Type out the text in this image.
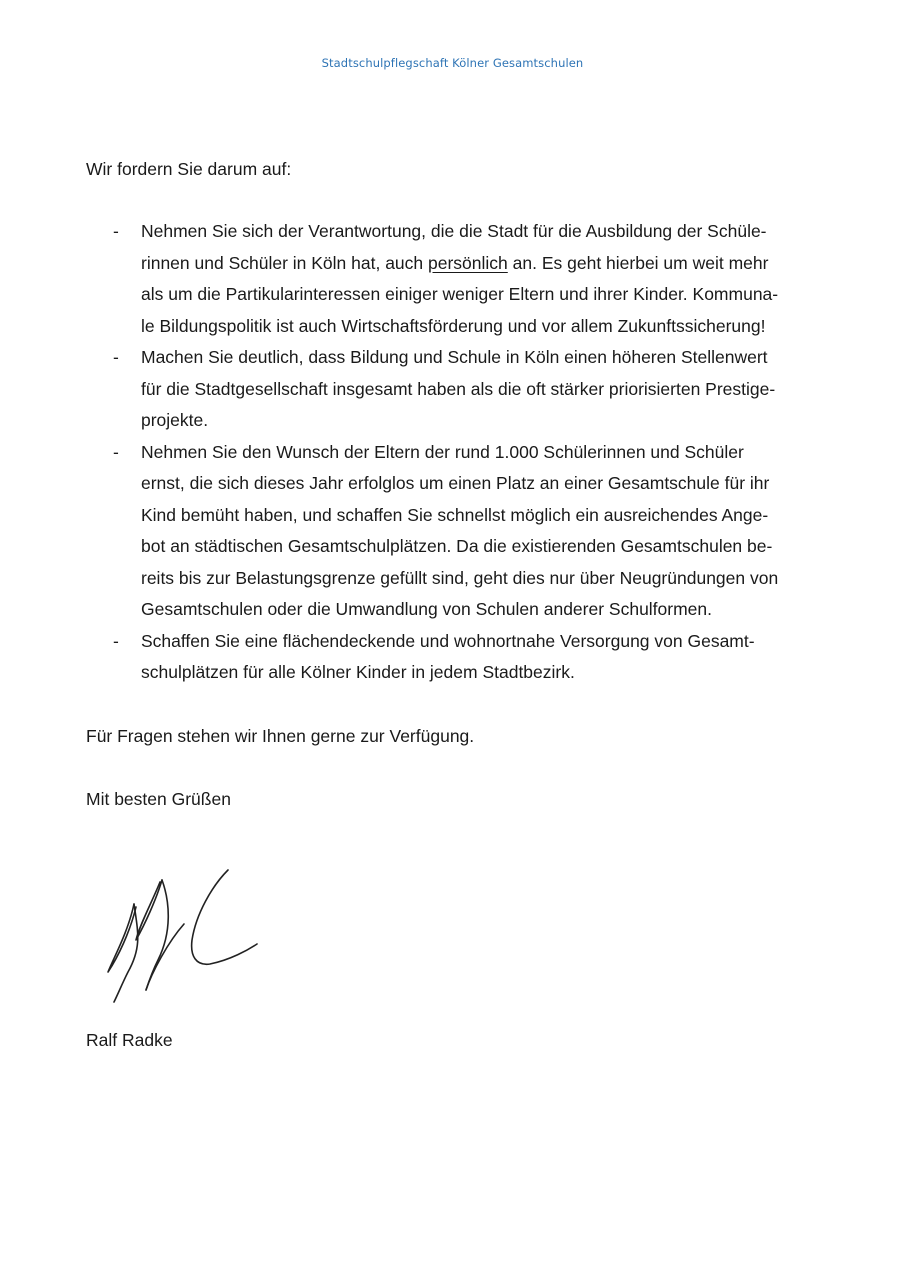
Stadtschulpflegschaft Kölner Gesamtschulen

Wir fordern Sie darum auf:

- Nehmen Sie sich der Verantwortung, die die Stadt für die Ausbildung der Schüle-
rinnen und Schüler in Köln hat, auch persönlich an. Es geht hierbei um weit mehr
als um die Partikularinteressen einiger weniger Eltern und ihrer Kinder. Kommuna-
le Bildungspolitik ist auch Wirtschaftsförderung und vor allem Zukunftssicherung!
- Machen Sie deutlich, dass Bildung und Schule in Köln einen höheren Stellenwert
für die Stadtgesellschaft insgesamt haben als die oft stärker priorisierten Prestige-
projekte.
- Nehmen Sie den Wunsch der Eltern der rund 1.000 Schülerinnen und Schüler
ernst, die sich dieses Jahr erfolglos um einen Platz an einer Gesamtschule für ihr
Kind bemüht haben, und schaffen Sie schnellst möglich ein ausreichendes Ange-
bot an städtischen Gesamtschulplätzen. Da die existierenden Gesamtschulen be-
reits bis zur Belastungsgrenze gefüllt sind, geht dies nur über Neugründungen von
Gesamtschulen oder die Umwandlung von Schulen anderer Schulformen.
- Schaffen Sie eine flächendeckende und wohnortnahe Versorgung von Gesamt-
schulplätzen für alle Kölner Kinder in jedem Stadtbezirk.

Für Fragen stehen wir Ihnen gerne zur Verfügung.

Mit besten Grüßen

Ralf Radke
